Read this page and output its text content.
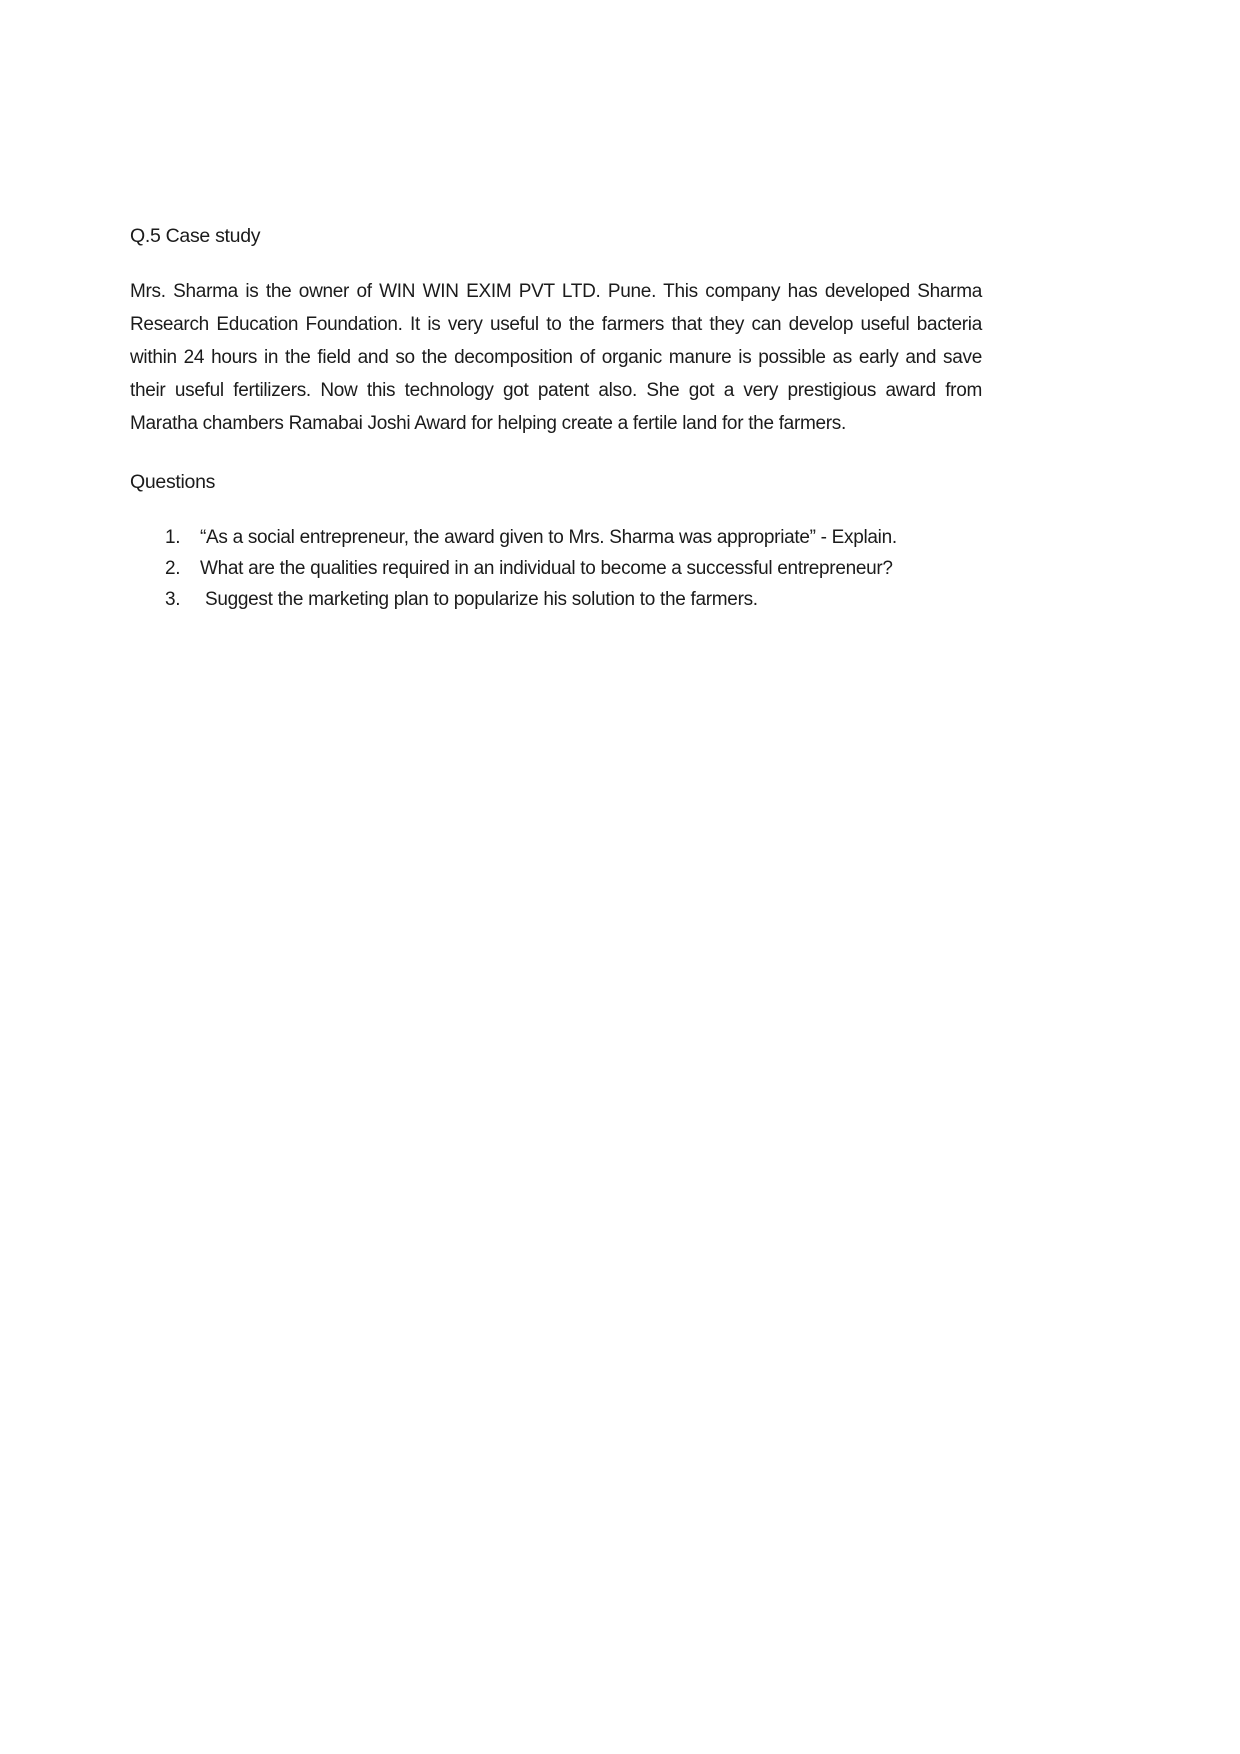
Q.5 Case study

Mrs. Sharma is the owner of WIN WIN EXIM PVT LTD. Pune. This company has developed Sharma Research Education Foundation. It is very useful to the farmers that they can develop useful bacteria within 24 hours in the field and so the decomposition of organic manure is possible as early and save their useful fertilizers. Now this technology got patent also. She got a very prestigious award from Maratha chambers Ramabai Joshi Award for helping create a fertile land for the farmers.

Questions

1.	“As a social entrepreneur, the award given to Mrs. Sharma was appropriate” - Explain.
2.	What are the qualities required in an individual to become a successful entrepreneur?
3.	Suggest the marketing plan to popularize his solution to the farmers.
